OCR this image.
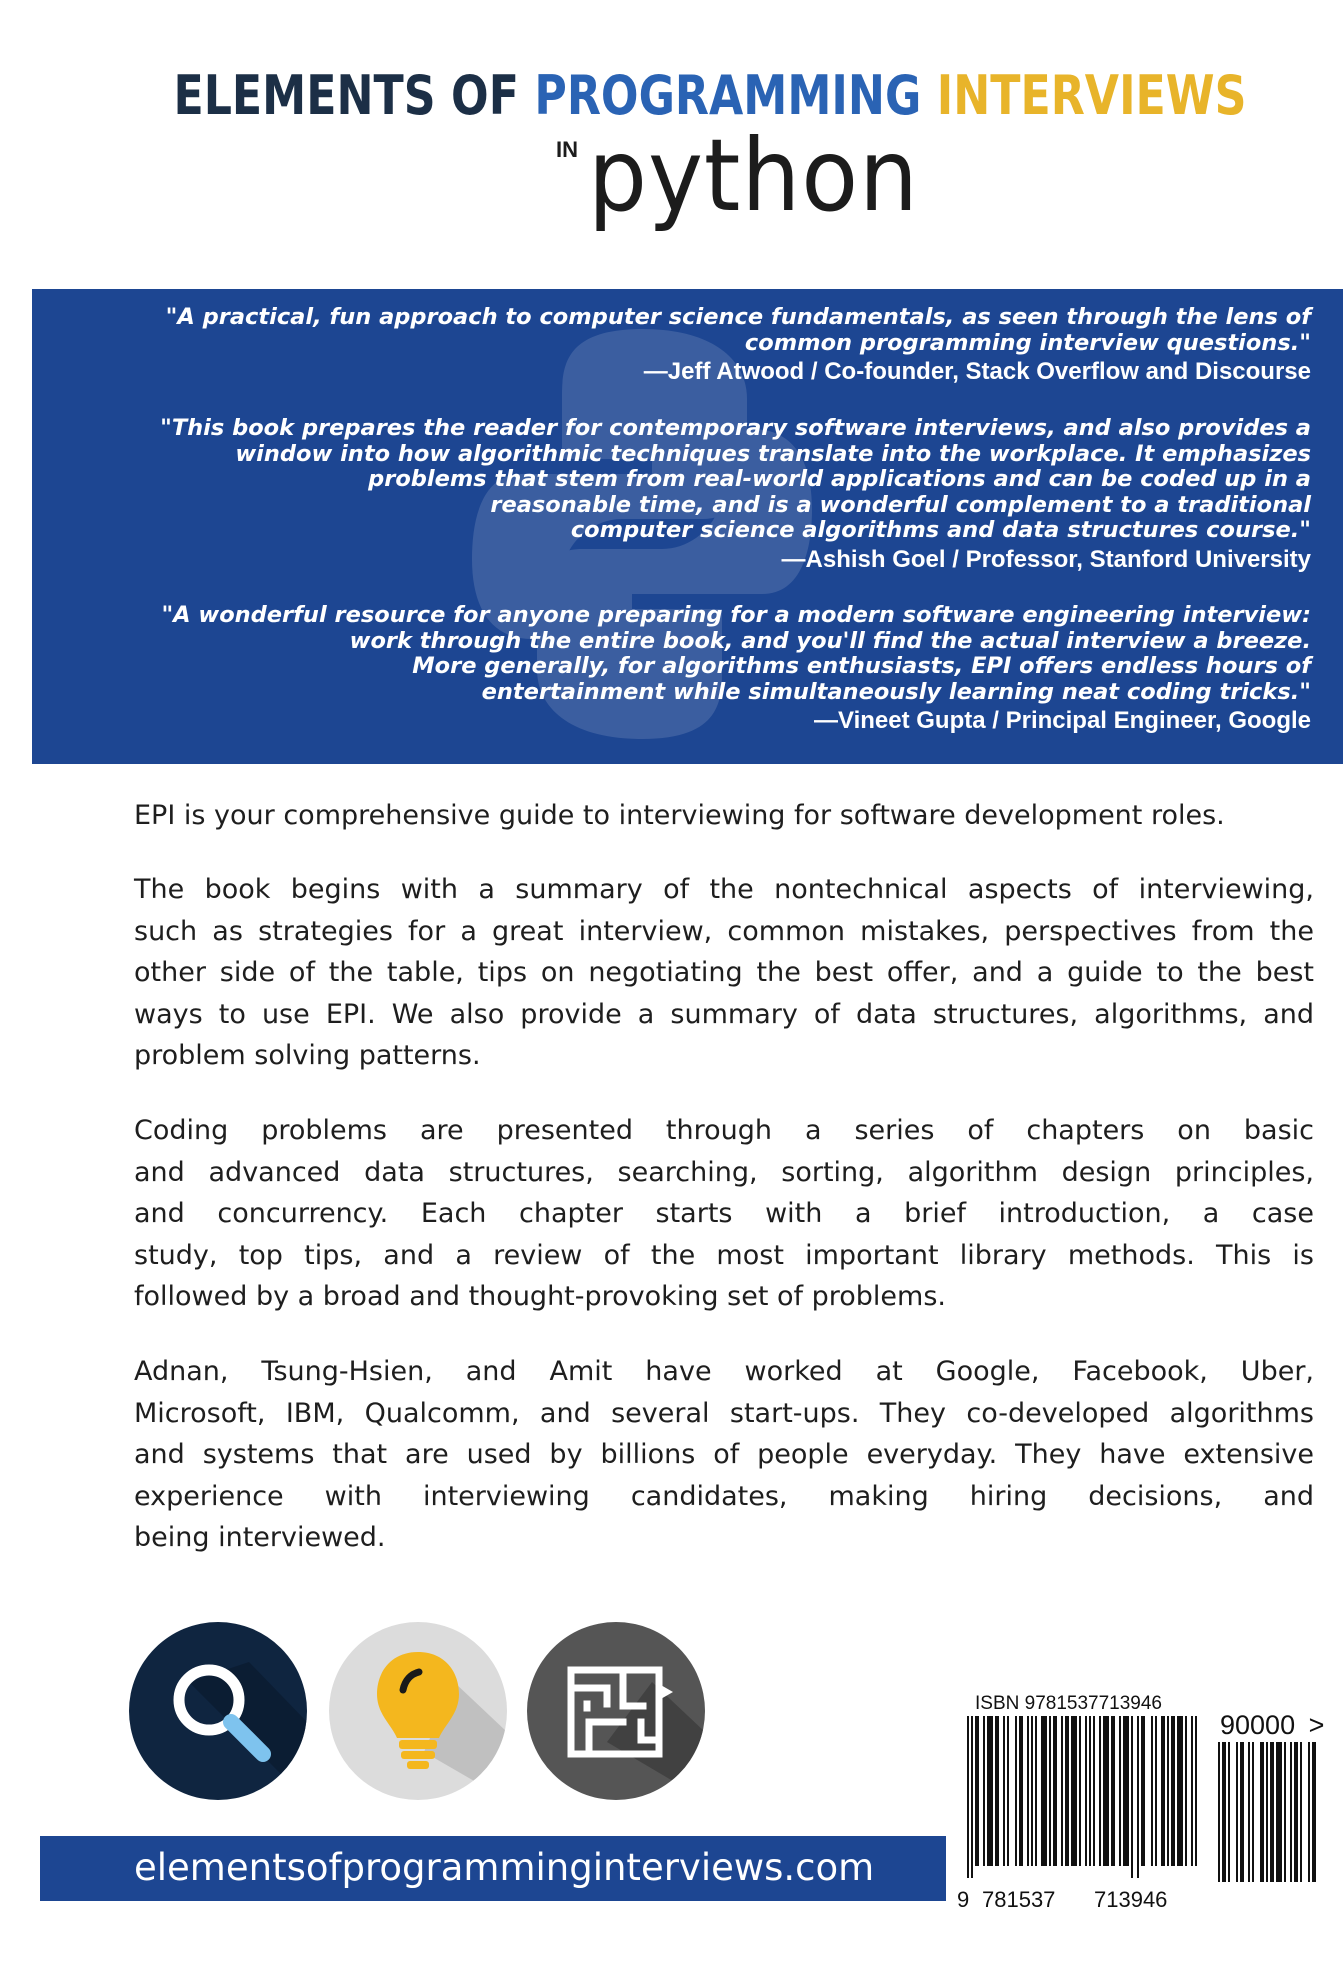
ELEMENTS OF PROGRAMMING INTERVIEWS
IN python
"A practical, fun approach to computer science fundamentals, as seen through the lens of
common programming interview questions."
—Jeff Atwood / Co-founder, Stack Overflow and Discourse
"This book prepares the reader for contemporary software interviews, and also provides a
window into how algorithmic techniques translate into the workplace. It emphasizes
problems that stem from real-world applications and can be coded up in a
reasonable time, and is a wonderful complement to a traditional
computer science algorithms and data structures course."
—Ashish Goel / Professor, Stanford University
"A wonderful resource for anyone preparing for a modern software engineering interview:
work through the entire book, and you'll find the actual interview a breeze.
More generally, for algorithms enthusiasts, EPI offers endless hours of
entertainment while simultaneously learning neat coding tricks."
—Vineet Gupta / Principal Engineer, Google
EPI is your comprehensive guide to interviewing for software development roles.
The book begins with a summary of the nontechnical aspects of interviewing,
such as strategies for a great interview, common mistakes, perspectives from the
other side of the table, tips on negotiating the best offer, and a guide to the best
ways to use EPI. We also provide a summary of data structures, algorithms, and
problem solving patterns.
Coding problems are presented through a series of chapters on basic
and advanced data structures, searching, sorting, algorithm design principles,
and concurrency. Each chapter starts with a brief introduction, a case
study, top tips, and a review of the most important library methods. This is
followed by a broad and thought-provoking set of problems.
Adnan, Tsung-Hsien, and Amit have worked at Google, Facebook, Uber,
Microsoft, IBM, Qualcomm, and several start-ups. They co-developed algorithms
and systems that are used by billions of people everyday. They have extensive
experience with interviewing candidates, making hiring decisions, and
being interviewed.
elementsofprogramminginterviews.com
ISBN 9781537713946
90000 >
9 781537 713946
